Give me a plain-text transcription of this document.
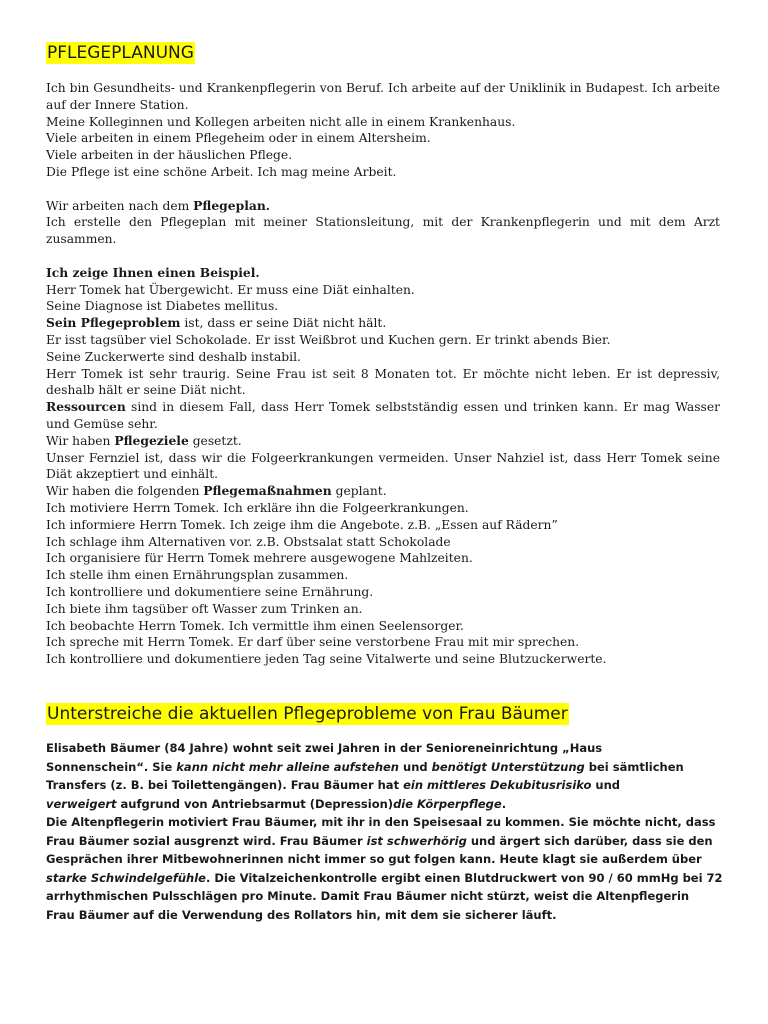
PFLEGEPLANUNG

Ich bin Gesundheits- und Krankenpflegerin von Beruf. Ich arbeite auf der Uniklinik in Budapest. Ich arbeite auf der Innere Station.

Meine Kolleginnen und Kollegen arbeiten nicht alle in einem Krankenhaus.

Viele arbeiten in einem Pflegeheim oder in einem Altersheim.

Viele arbeiten in der häuslichen Pflege.

Die Pflege ist eine schöne Arbeit. Ich mag meine Arbeit.

Wir arbeiten nach dem Pflegeplan.

Ich erstelle den Pflegeplan mit meiner Stationsleitung, mit der Krankenpflegerin und mit dem Arzt zusammen.

Ich zeige Ihnen einen Beispiel.

Herr Tomek hat Übergewicht. Er muss eine Diät einhalten.

Seine Diagnose ist Diabetes mellitus.

Sein Pflegeproblem ist, dass er seine Diät nicht hält.

Er isst tagsüber viel Schokolade. Er isst Weißbrot und Kuchen gern. Er trinkt abends Bier.

Seine Zuckerwerte sind deshalb instabil.

Herr Tomek ist sehr traurig. Seine Frau ist seit 8 Monaten tot. Er möchte nicht leben. Er ist depressiv, deshalb hält er seine Diät nicht.

Ressourcen sind in diesem Fall, dass Herr Tomek selbstständig essen und trinken kann. Er mag Wasser und Gemüse sehr.

Wir haben Pflegeziele gesetzt.

Unser Fernziel ist, dass wir die Folgeerkrankungen vermeiden. Unser Nahziel ist, dass Herr Tomek seine Diät akzeptiert und einhält.

Wir haben die folgenden Pflegemaßnahmen geplant.

Ich motiviere Herrn Tomek. Ich erkläre ihn die Folgeerkrankungen.

Ich informiere Herrn Tomek. Ich zeige ihm die Angebote. z.B. „Essen auf Rädern”

Ich schlage ihm Alternativen vor. z.B. Obstsalat statt Schokolade

Ich organisiere für Herrn Tomek mehrere ausgewogene Mahlzeiten.

Ich stelle ihm einen Ernährungsplan zusammen.

Ich kontrolliere und dokumentiere seine Ernährung.

Ich biete ihm tagsüber oft Wasser zum Trinken an.

Ich beobachte Herrn Tomek. Ich vermittle ihm einen Seelensorger.

Ich spreche mit Herrn Tomek. Er darf über seine verstorbene Frau mit mir sprechen.

Ich kontrolliere und dokumentiere jeden Tag seine Vitalwerte und seine Blutzuckerwerte.

Unterstreiche die aktuellen Pflegeprobleme von Frau Bäumer

Elisabeth Bäumer (84 Jahre) wohnt seit zwei Jahren in der Senioreneinrichtung „Haus

Sonnenschein“. Sie kann nicht mehr alleine aufstehen und benötigt Unterstützung bei sämtlichen

Transfers (z. B. bei Toilettengängen). Frau Bäumer hat ein mittleres Dekubitusrisiko und

verweigert aufgrund von Antriebsarmut (Depression)die Körperpflege.

Die Altenpflegerin motiviert Frau Bäumer, mit ihr in den Speisesaal zu kommen. Sie möchte nicht, dass

Frau Bäumer sozial ausgrenzt wird. Frau Bäumer ist schwerhörig und ärgert sich darüber, dass sie den

Gesprächen ihrer Mitbewohnerinnen nicht immer so gut folgen kann. Heute klagt sie außerdem über

starke Schwindelgefühle. Die Vitalzeichenkontrolle ergibt einen Blutdruckwert von 90 / 60 mmHg bei 72

arrhythmischen Pulsschlägen pro Minute. Damit Frau Bäumer nicht stürzt, weist die Altenpflegerin

Frau Bäumer auf die Verwendung des Rollators hin, mit dem sie sicherer läuft.
